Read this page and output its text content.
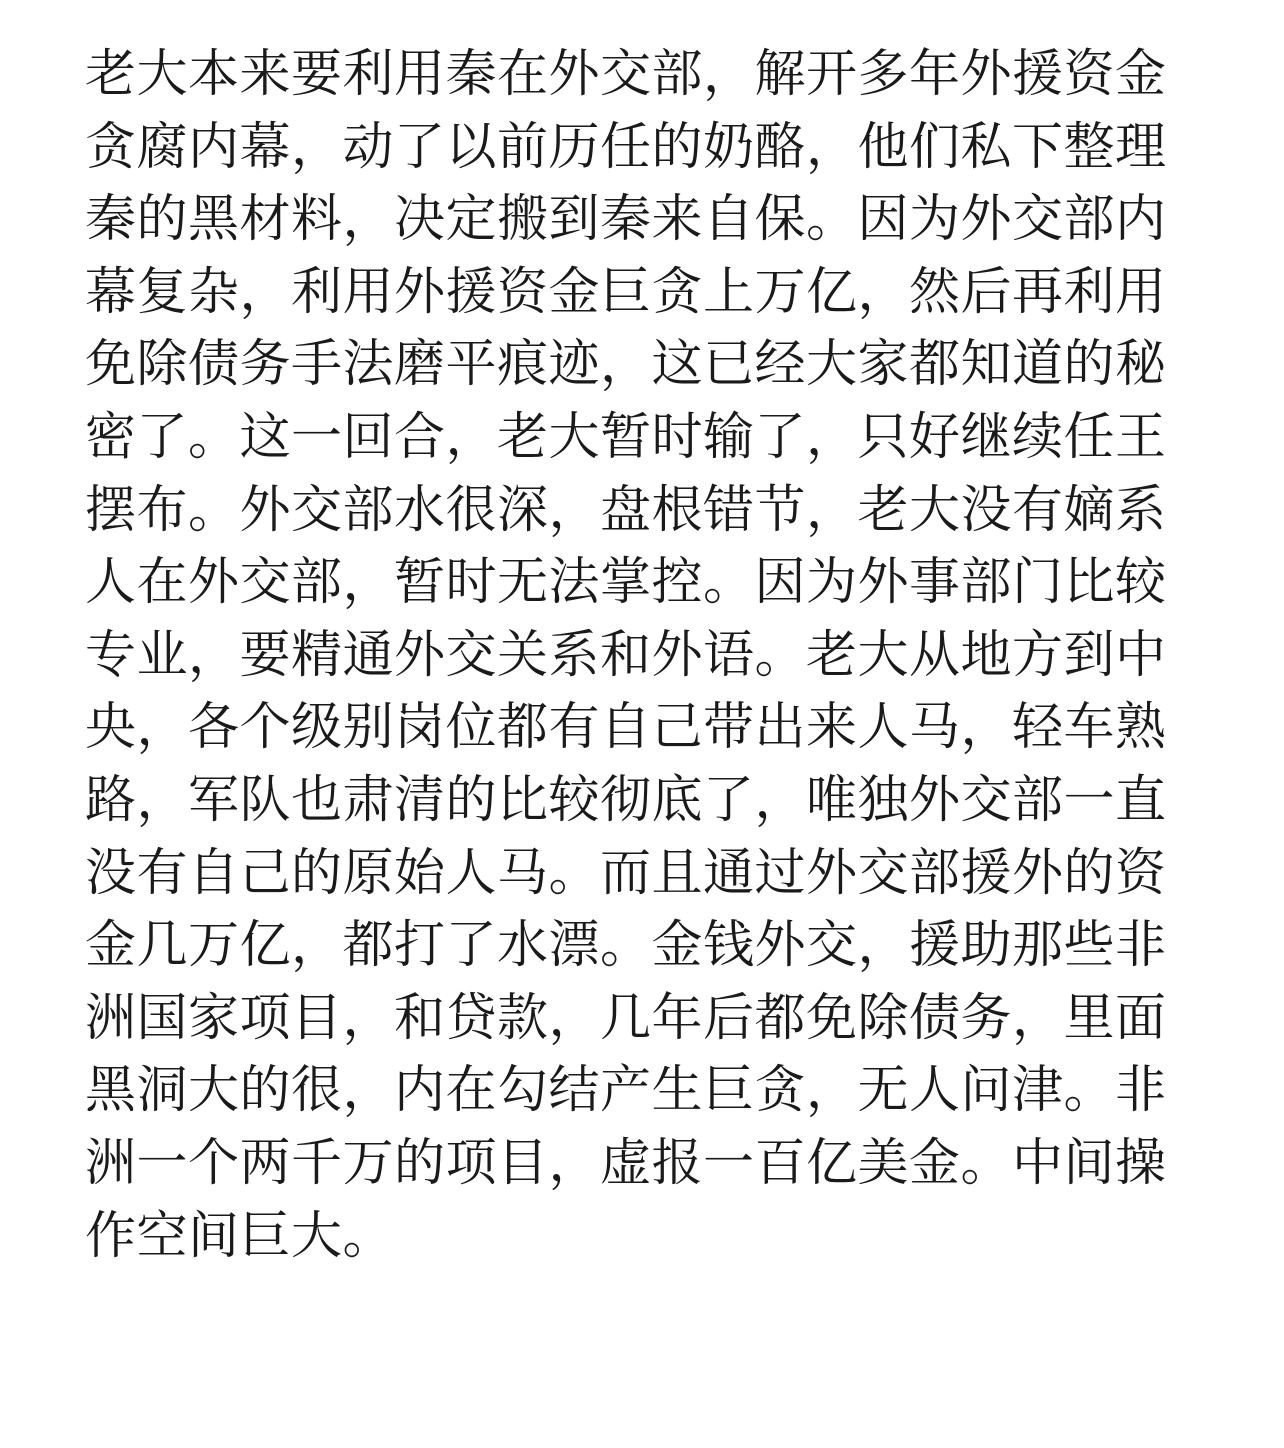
老大本来要利用秦在外交部，解开多年外援资金
贪腐内幕，动了以前历任的奶酪，他们私下整理
秦的黑材料，决定搬到秦来自保。因为外交部内
幕复杂，利用外援资金巨贪上万亿，然后再利用
免除债务手法磨平痕迹，这已经大家都知道的秘
密了。这一回合，老大暂时输了，只好继续任王
摆布。外交部水很深，盘根错节，老大没有嫡系
人在外交部，暂时无法掌控。因为外事部门比较
专业，要精通外交关系和外语。老大从地方到中
央，各个级别岗位都有自己带出来人马，轻车熟
路，军队也肃清的比较彻底了，唯独外交部一直
没有自己的原始人马。而且通过外交部援外的资
金几万亿，都打了水漂。金钱外交，援助那些非
洲国家项目，和贷款，几年后都免除债务，里面
黑洞大的很，内在勾结产生巨贪，无人问津。非
洲一个两千万的项目，虚报一百亿美金。中间操
作空间巨大。
